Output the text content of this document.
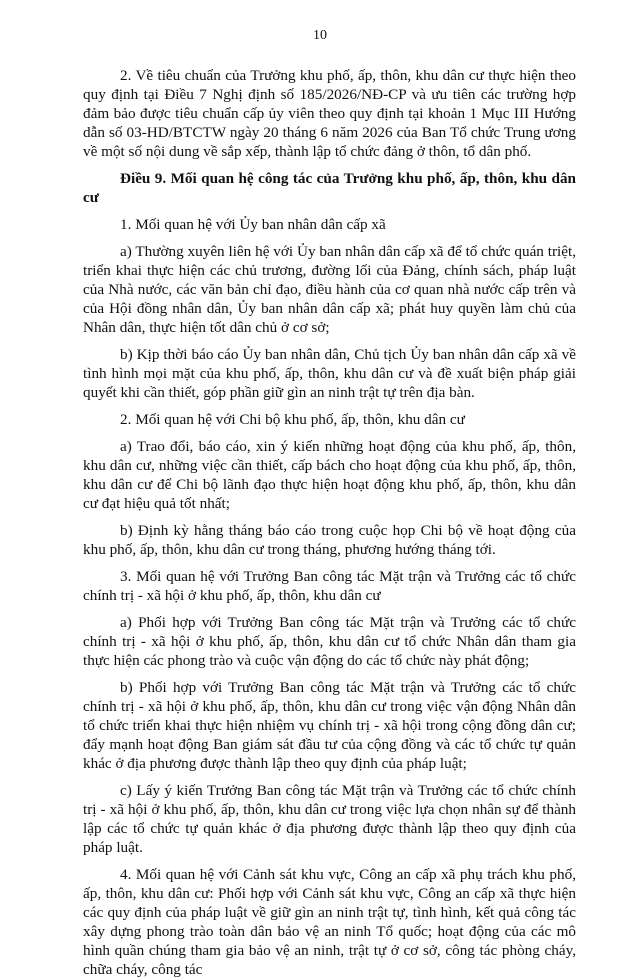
10

2. Về tiêu chuẩn của Trưởng khu phố, ấp, thôn, khu dân cư thực hiện theo quy định tại Điều 7 Nghị định số 185/2026/NĐ-CP và ưu tiên các trường hợp đảm bảo được tiêu chuẩn cấp ủy viên theo quy định tại khoản 1 Mục III Hướng dẫn số 03-HD/BTCTW ngày 20 tháng 6 năm 2026 của Ban Tổ chức Trung ương về một số nội dung về sắp xếp, thành lập tổ chức đảng ở thôn, tổ dân phố.

Điều 9. Mối quan hệ công tác của Trưởng khu phố, ấp, thôn, khu dân cư

1. Mối quan hệ với Ủy ban nhân dân cấp xã

a) Thường xuyên liên hệ với Ủy ban nhân dân cấp xã để tổ chức quán triệt, triển khai thực hiện các chủ trương, đường lối của Đảng, chính sách, pháp luật của Nhà nước, các văn bản chỉ đạo, điều hành của cơ quan nhà nước cấp trên và của Hội đồng nhân dân, Ủy ban nhân dân cấp xã; phát huy quyền làm chủ của Nhân dân, thực hiện tốt dân chủ ở cơ sở;

b) Kịp thời báo cáo Ủy ban nhân dân, Chủ tịch Ủy ban nhân dân cấp xã về tình hình mọi mặt của khu phố, ấp, thôn, khu dân cư và đề xuất biện pháp giải quyết khi cần thiết, góp phần giữ gìn an ninh trật tự trên địa bàn.

2. Mối quan hệ với Chi bộ khu phố, ấp, thôn, khu dân cư

a) Trao đổi, báo cáo, xin ý kiến những hoạt động của khu phố, ấp, thôn, khu dân cư, những việc cần thiết, cấp bách cho hoạt động của khu phố, ấp, thôn, khu dân cư để Chi bộ lãnh đạo thực hiện hoạt động khu phố, ấp, thôn, khu dân cư đạt hiệu quả tốt nhất;

b) Định kỳ hằng tháng báo cáo trong cuộc họp Chi bộ về hoạt động của khu phố, ấp, thôn, khu dân cư trong tháng, phương hướng tháng tới.

3. Mối quan hệ với Trưởng Ban công tác Mặt trận và Trưởng các tổ chức chính trị - xã hội ở khu phố, ấp, thôn, khu dân cư

a) Phối hợp với Trưởng Ban công tác Mặt trận và Trưởng các tổ chức chính trị - xã hội ở khu phố, ấp, thôn, khu dân cư tổ chức Nhân dân tham gia thực hiện các phong trào và cuộc vận động do các tổ chức này phát động;

b) Phối hợp với Trưởng Ban công tác Mặt trận và Trưởng các tổ chức chính trị - xã hội ở khu phố, ấp, thôn, khu dân cư trong việc vận động Nhân dân tổ chức triển khai thực hiện nhiệm vụ chính trị - xã hội trong cộng đồng dân cư; đẩy mạnh hoạt động Ban giám sát đầu tư của cộng đồng và các tổ chức tự quản khác ở địa phương được thành lập theo quy định của pháp luật;

c) Lấy ý kiến Trưởng Ban công tác Mặt trận và Trưởng các tổ chức chính trị - xã hội ở khu phố, ấp, thôn, khu dân cư trong việc lựa chọn nhân sự để thành lập các tổ chức tự quản khác ở địa phương được thành lập theo quy định của pháp luật.

4. Mối quan hệ với Cảnh sát khu vực, Công an cấp xã phụ trách khu phố, ấp, thôn, khu dân cư: Phối hợp với Cảnh sát khu vực, Công an cấp xã thực hiện các quy định của pháp luật về giữ gìn an ninh trật tự, tình hình, kết quả công tác xây dựng phong trào toàn dân bảo vệ an ninh Tổ quốc; hoạt động của các mô hình quần chúng tham gia bảo vệ an ninh, trật tự ở cơ sở, công tác phòng cháy, chữa cháy, công tác
